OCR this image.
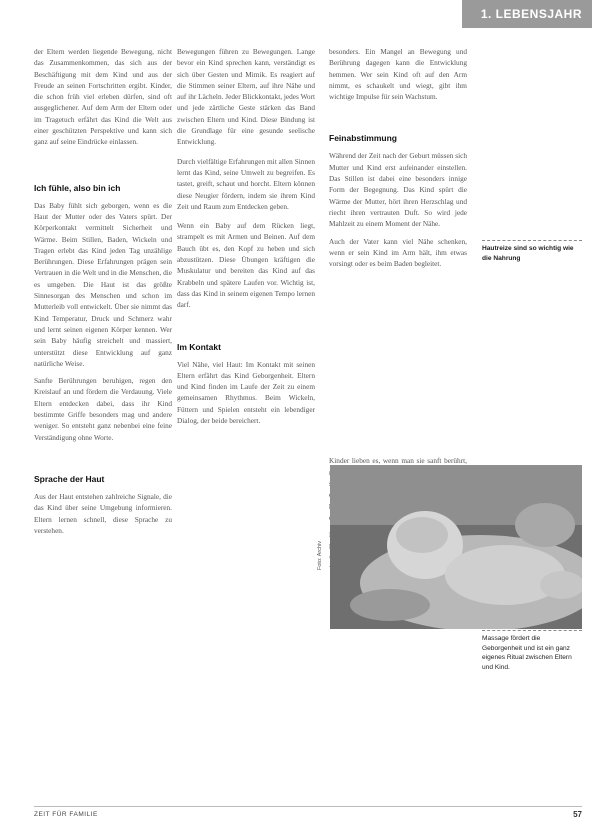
1. LEBENSJAHR

der Eltern werden liegende Bewegung, nicht das Zusammenkommen, das sich aus der Beschäftigung mit dem Kind und aus der Freude an seinen Fortschritten ergibt. Kinder, die schon früh viel erleben dürfen, sind oft ausgeglichener. Auf dem Arm der Eltern oder im Tragetuch erfährt das Kind die Welt aus einer geschützten Perspektive und kann sich ganz auf seine Eindrücke einlassen.

Ich fühle, also bin ich

Das Baby fühlt sich geborgen, wenn es die Haut der Mutter oder des Vaters spürt. Der Körperkontakt vermittelt Sicherheit und Wärme. Beim Stillen, Baden, Wickeln und Tragen erlebt das Kind jeden Tag unzählige Berührungen. Diese Erfahrungen prägen sein Vertrauen in die Welt und in die Menschen, die es umgeben. Die Haut ist das größte Sinnesorgan des Menschen und schon im Mutterleib voll entwickelt. Über sie nimmt das Kind Temperatur, Druck und Schmerz wahr und lernt seinen eigenen Körper kennen. Wer sein Baby häufig streichelt und massiert, unterstützt diese Entwicklung auf ganz natürliche Weise.

Sanfte Berührungen beruhigen, regen den Kreislauf an und fördern die Verdauung. Viele Eltern entdecken dabei, dass ihr Kind bestimmte Griffe besonders mag und andere weniger. So entsteht ganz nebenbei eine feine Verständigung ohne Worte.

Sprache der Haut

Aus der Haut entstehen zahlreiche Signale, die das Kind über seine Umgebung informieren. Eltern lernen schnell, diese Sprache zu verstehen.

Bewegungen führen zu Bewegungen. Lange bevor ein Kind sprechen kann, verständigt es sich über Gesten und Mimik. Es reagiert auf die Stimmen seiner Eltern, auf ihre Nähe und auf ihr Lächeln. Jeder Blickkontakt, jedes Wort und jede zärtliche Geste stärken das Band zwischen Eltern und Kind. Diese Bindung ist die Grundlage für eine gesunde seelische Entwicklung.

Durch vielfältige Erfahrungen mit allen Sinnen lernt das Kind, seine Umwelt zu begreifen. Es tastet, greift, schaut und horcht. Eltern können diese Neugier fördern, indem sie ihrem Kind Zeit und Raum zum Entdecken geben.

Wenn ein Baby auf dem Rücken liegt, strampelt es mit Armen und Beinen. Auf dem Bauch übt es, den Kopf zu heben und sich abzustützen. Diese Übungen kräftigen die Muskulatur und bereiten das Kind auf das Krabbeln und spätere Laufen vor. Wichtig ist, dass das Kind in seinem eigenen Tempo lernen darf.

Im Kontakt

Viel Nähe, viel Haut: Im Kontakt mit seinen Eltern erfährt das Kind Geborgenheit. Eltern und Kind finden im Laufe der Zeit zu einem gemeinsamen Rhythmus. Beim Wickeln, Füttern und Spielen entsteht ein lebendiger Dialog, der beide bereichert.

besonders. Ein Mangel an Bewegung und Berührung dagegen kann die Entwicklung hemmen. Wer sein Kind oft auf den Arm nimmt, es schaukelt und wiegt, gibt ihm wichtige Impulse für sein Wachstum.

Feinabstimmung

Während der Zeit nach der Geburt müssen sich Mutter und Kind erst aufeinander einstellen. Das Stillen ist dabei eine besonders innige Form der Begegnung. Das Kind spürt die Wärme der Mutter, hört ihren Herzschlag und riecht ihren vertrauten Duft. So wird jede Mahlzeit zu einem Moment der Nähe.

Auch der Vater kann viel Nähe schenken, wenn er sein Kind im Arm hält, ihm etwas vorsingt oder es beim Baden begleitet.

Kinder lieben es, wenn man sie sanft berührt,

Hautreize sind so wichtig wie die Nahrung

Foto: Archiv

Massage fördert die Geborgenheit und ist ein ganz eigenes Ritual zwischen Eltern und Kind.

ZEIT FÜR FAMILIE	57
